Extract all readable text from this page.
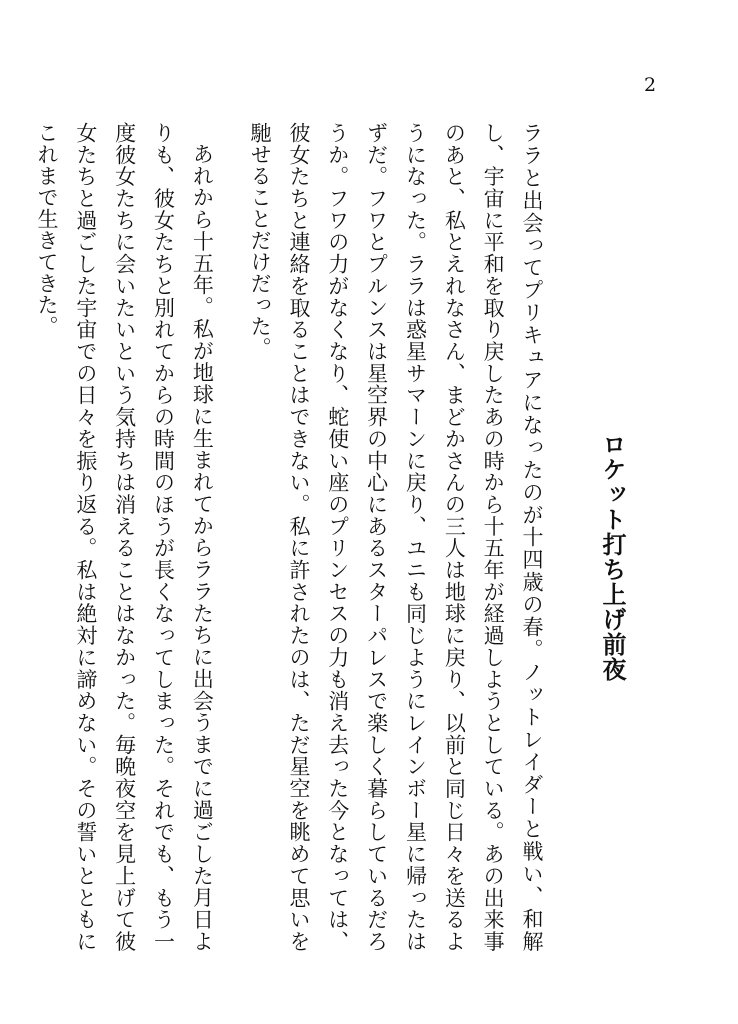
2
ロケット打ち上げ前夜

ララと出会ってプリキュアになったのが十四歳の春。ノットレイダーと戦い、和解し、宇宙に平和を取り戻したあの時から十五年が経過しようとしている。あの出来事のあと、私とえれなさん、まどかさんの三人は地球に戻り、以前と同じ日々を送るようになった。ララは惑星サマーンに戻り、ユニも同じようにレインボー星に帰ったはずだ。フワとプルンスは星空界の中心にあるスターパレスで楽しく暮らしているだろうか。フワの力がなくなり、蛇使い座のプリンセスの力も消え去った今となっては、彼女たちと連絡を取ることはできない。私に許されたのは、ただ星空を眺めて思いを馳せることだけだった。

あれから十五年。私が地球に生まれてからララたちに出会うまでに過ごした月日よりも、彼女たちと別れてからの時間のほうが長くなってしまった。それでも、もう一度彼女たちに会いたいという気持ちは消えることはなかった。毎晩夜空を見上げて彼女たちと過ごした宇宙での日々を振り返る。私は絶対に諦めない。その誓いとともにこれまで生きてきた。
